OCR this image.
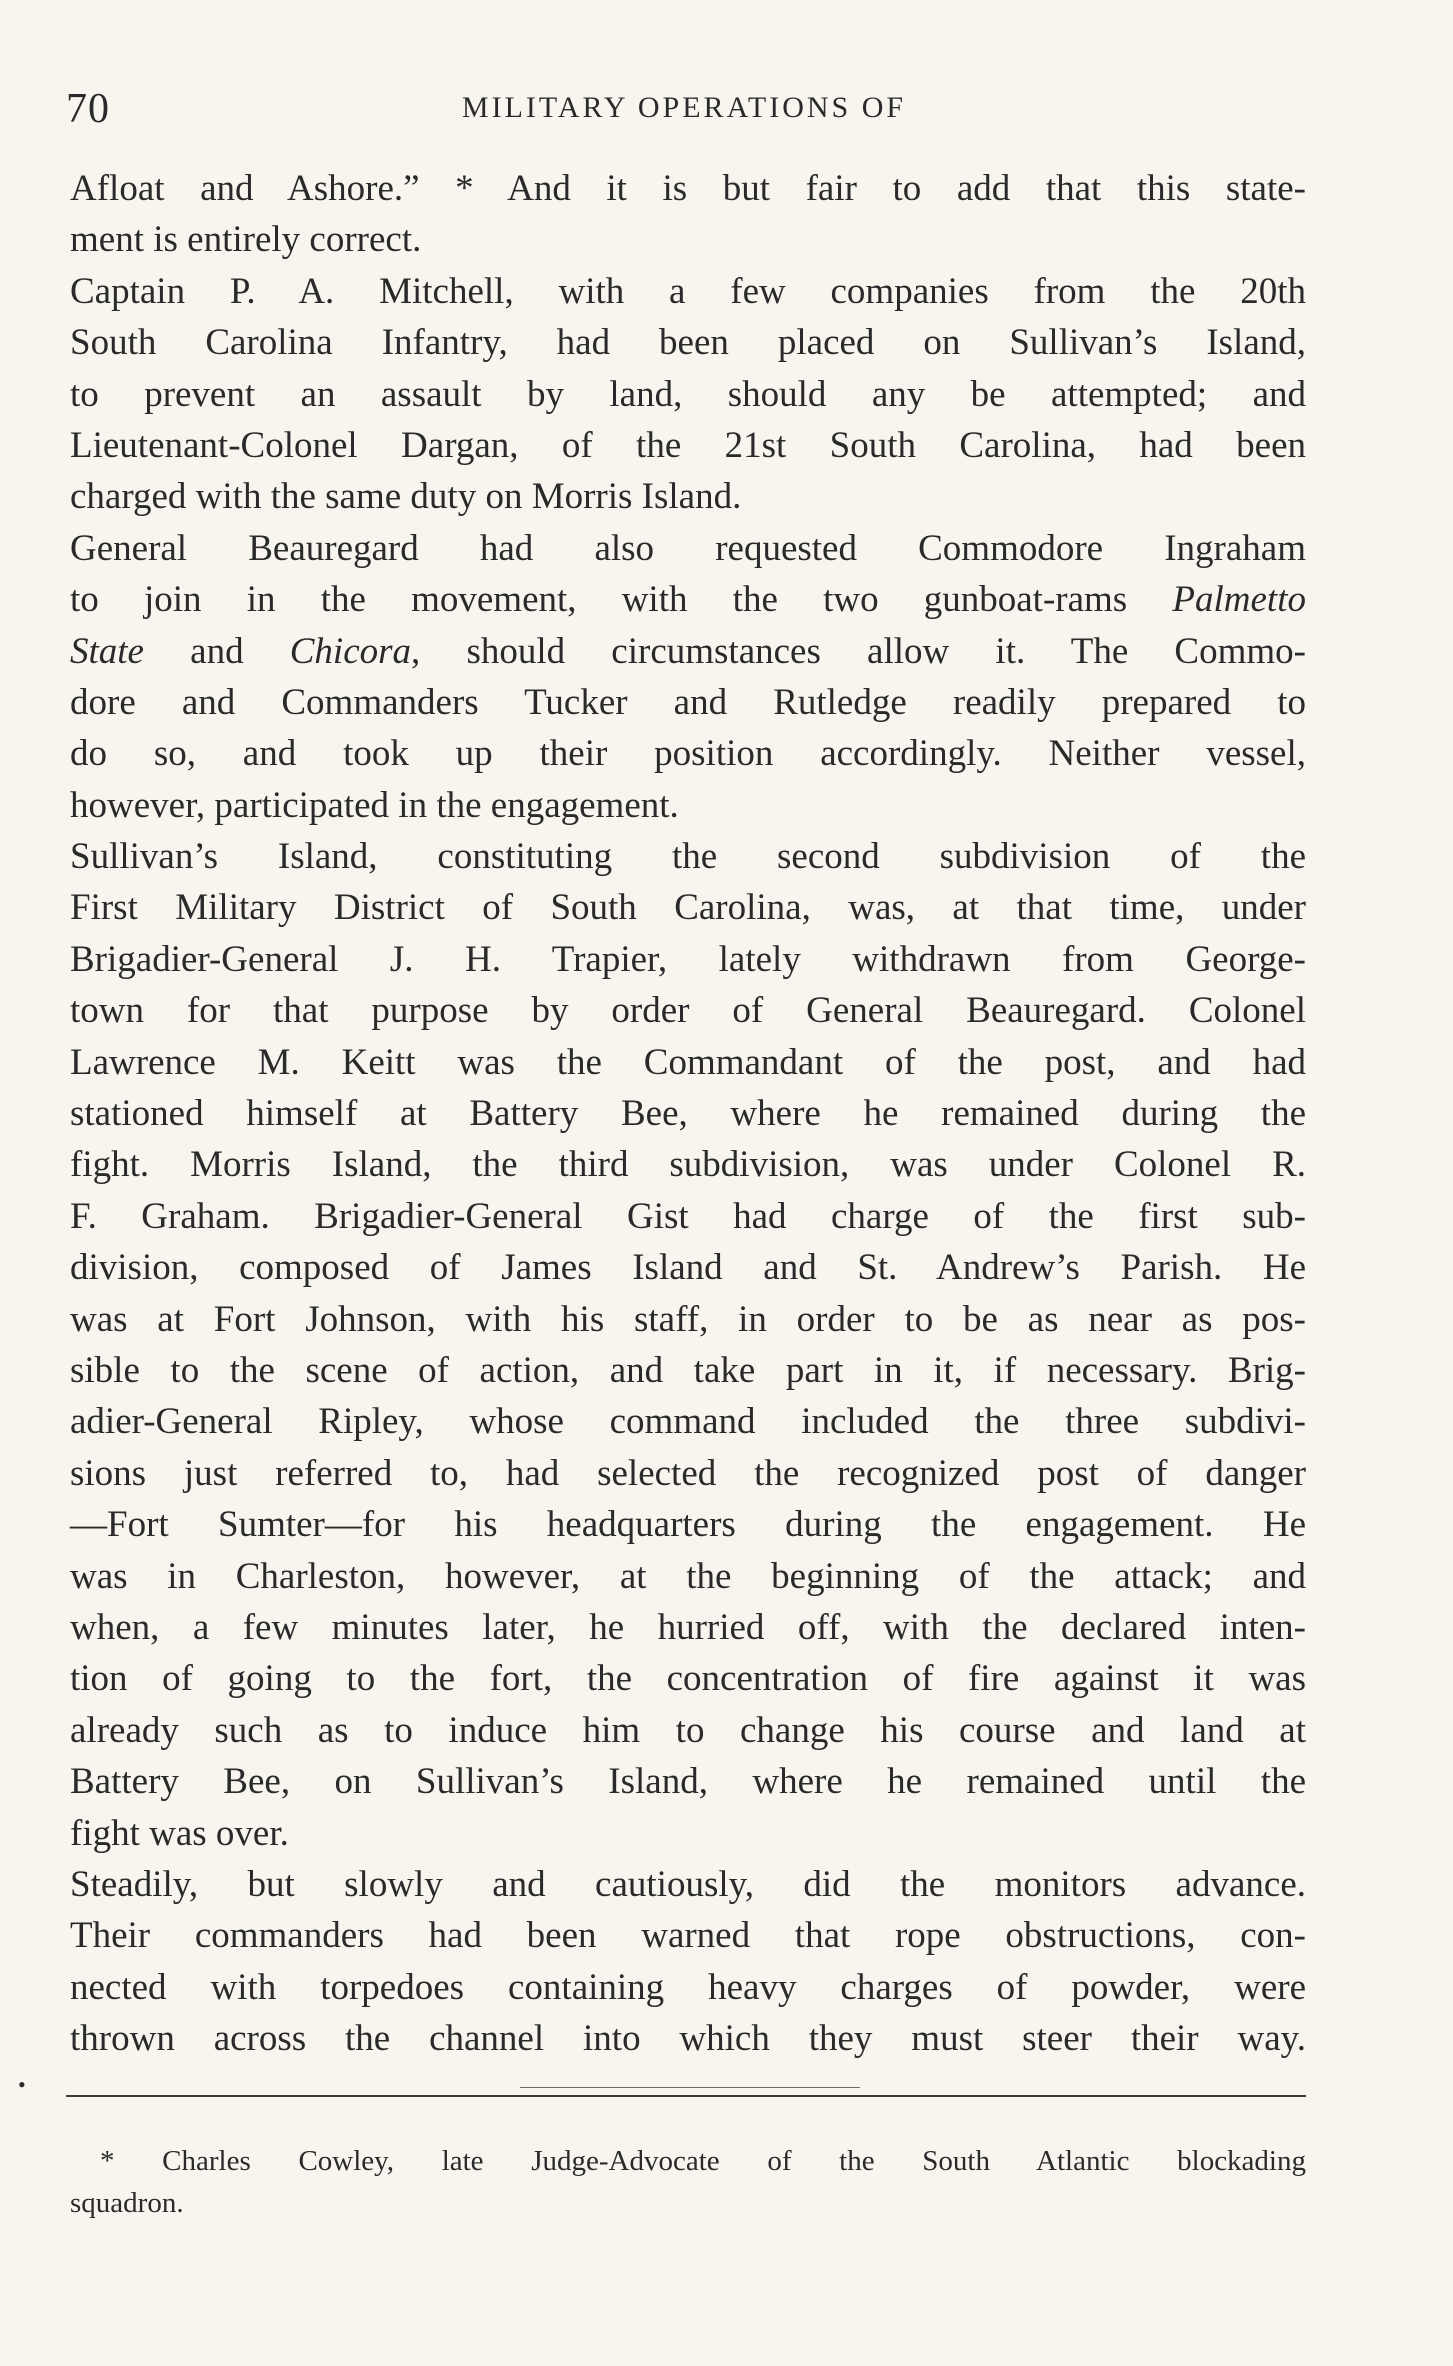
70	MILITARY OPERATIONS OF
Afloat and Ashore.” * And it is but fair to add that this state-
ment is entirely correct.
Captain P. A. Mitchell, with a few companies from the 20th
South Carolina Infantry, had been placed on Sullivan’s Island,
to prevent an assault by land, should any be attempted; and
Lieutenant-Colonel Dargan, of the 21st South Carolina, had been
charged with the same duty on Morris Island.
General Beauregard had also requested Commodore Ingraham
to join in the movement, with the two gunboat-rams Palmetto
State and Chicora, should circumstances allow it. The Commo-
dore and Commanders Tucker and Rutledge readily prepared to
do so, and took up their position accordingly. Neither vessel,
however, participated in the engagement.
Sullivan’s Island, constituting the second subdivision of the
First Military District of South Carolina, was, at that time, under
Brigadier-General J. H. Trapier, lately withdrawn from George-
town for that purpose by order of General Beauregard. Colonel
Lawrence M. Keitt was the Commandant of the post, and had
stationed himself at Battery Bee, where he remained during the
fight. Morris Island, the third subdivision, was under Colonel R.
F. Graham. Brigadier-General Gist had charge of the first sub-
division, composed of James Island and St. Andrew’s Parish. He
was at Fort Johnson, with his staff, in order to be as near as pos-
sible to the scene of action, and take part in it, if necessary. Brig-
adier-General Ripley, whose command included the three subdivi-
sions just referred to, had selected the recognized post of danger
—Fort Sumter—for his headquarters during the engagement. He
was in Charleston, however, at the beginning of the attack; and
when, a few minutes later, he hurried off, with the declared inten-
tion of going to the fort, the concentration of fire against it was
already such as to induce him to change his course and land at
Battery Bee, on Sullivan’s Island, where he remained until the
fight was over.
Steadily, but slowly and cautiously, did the monitors advance.
Their commanders had been warned that rope obstructions, con-
nected with torpedoes containing heavy charges of powder, were
thrown across the channel into which they must steer their way.
•
* Charles Cowley, late Judge-Advocate of the South Atlantic blockading
squadron.
